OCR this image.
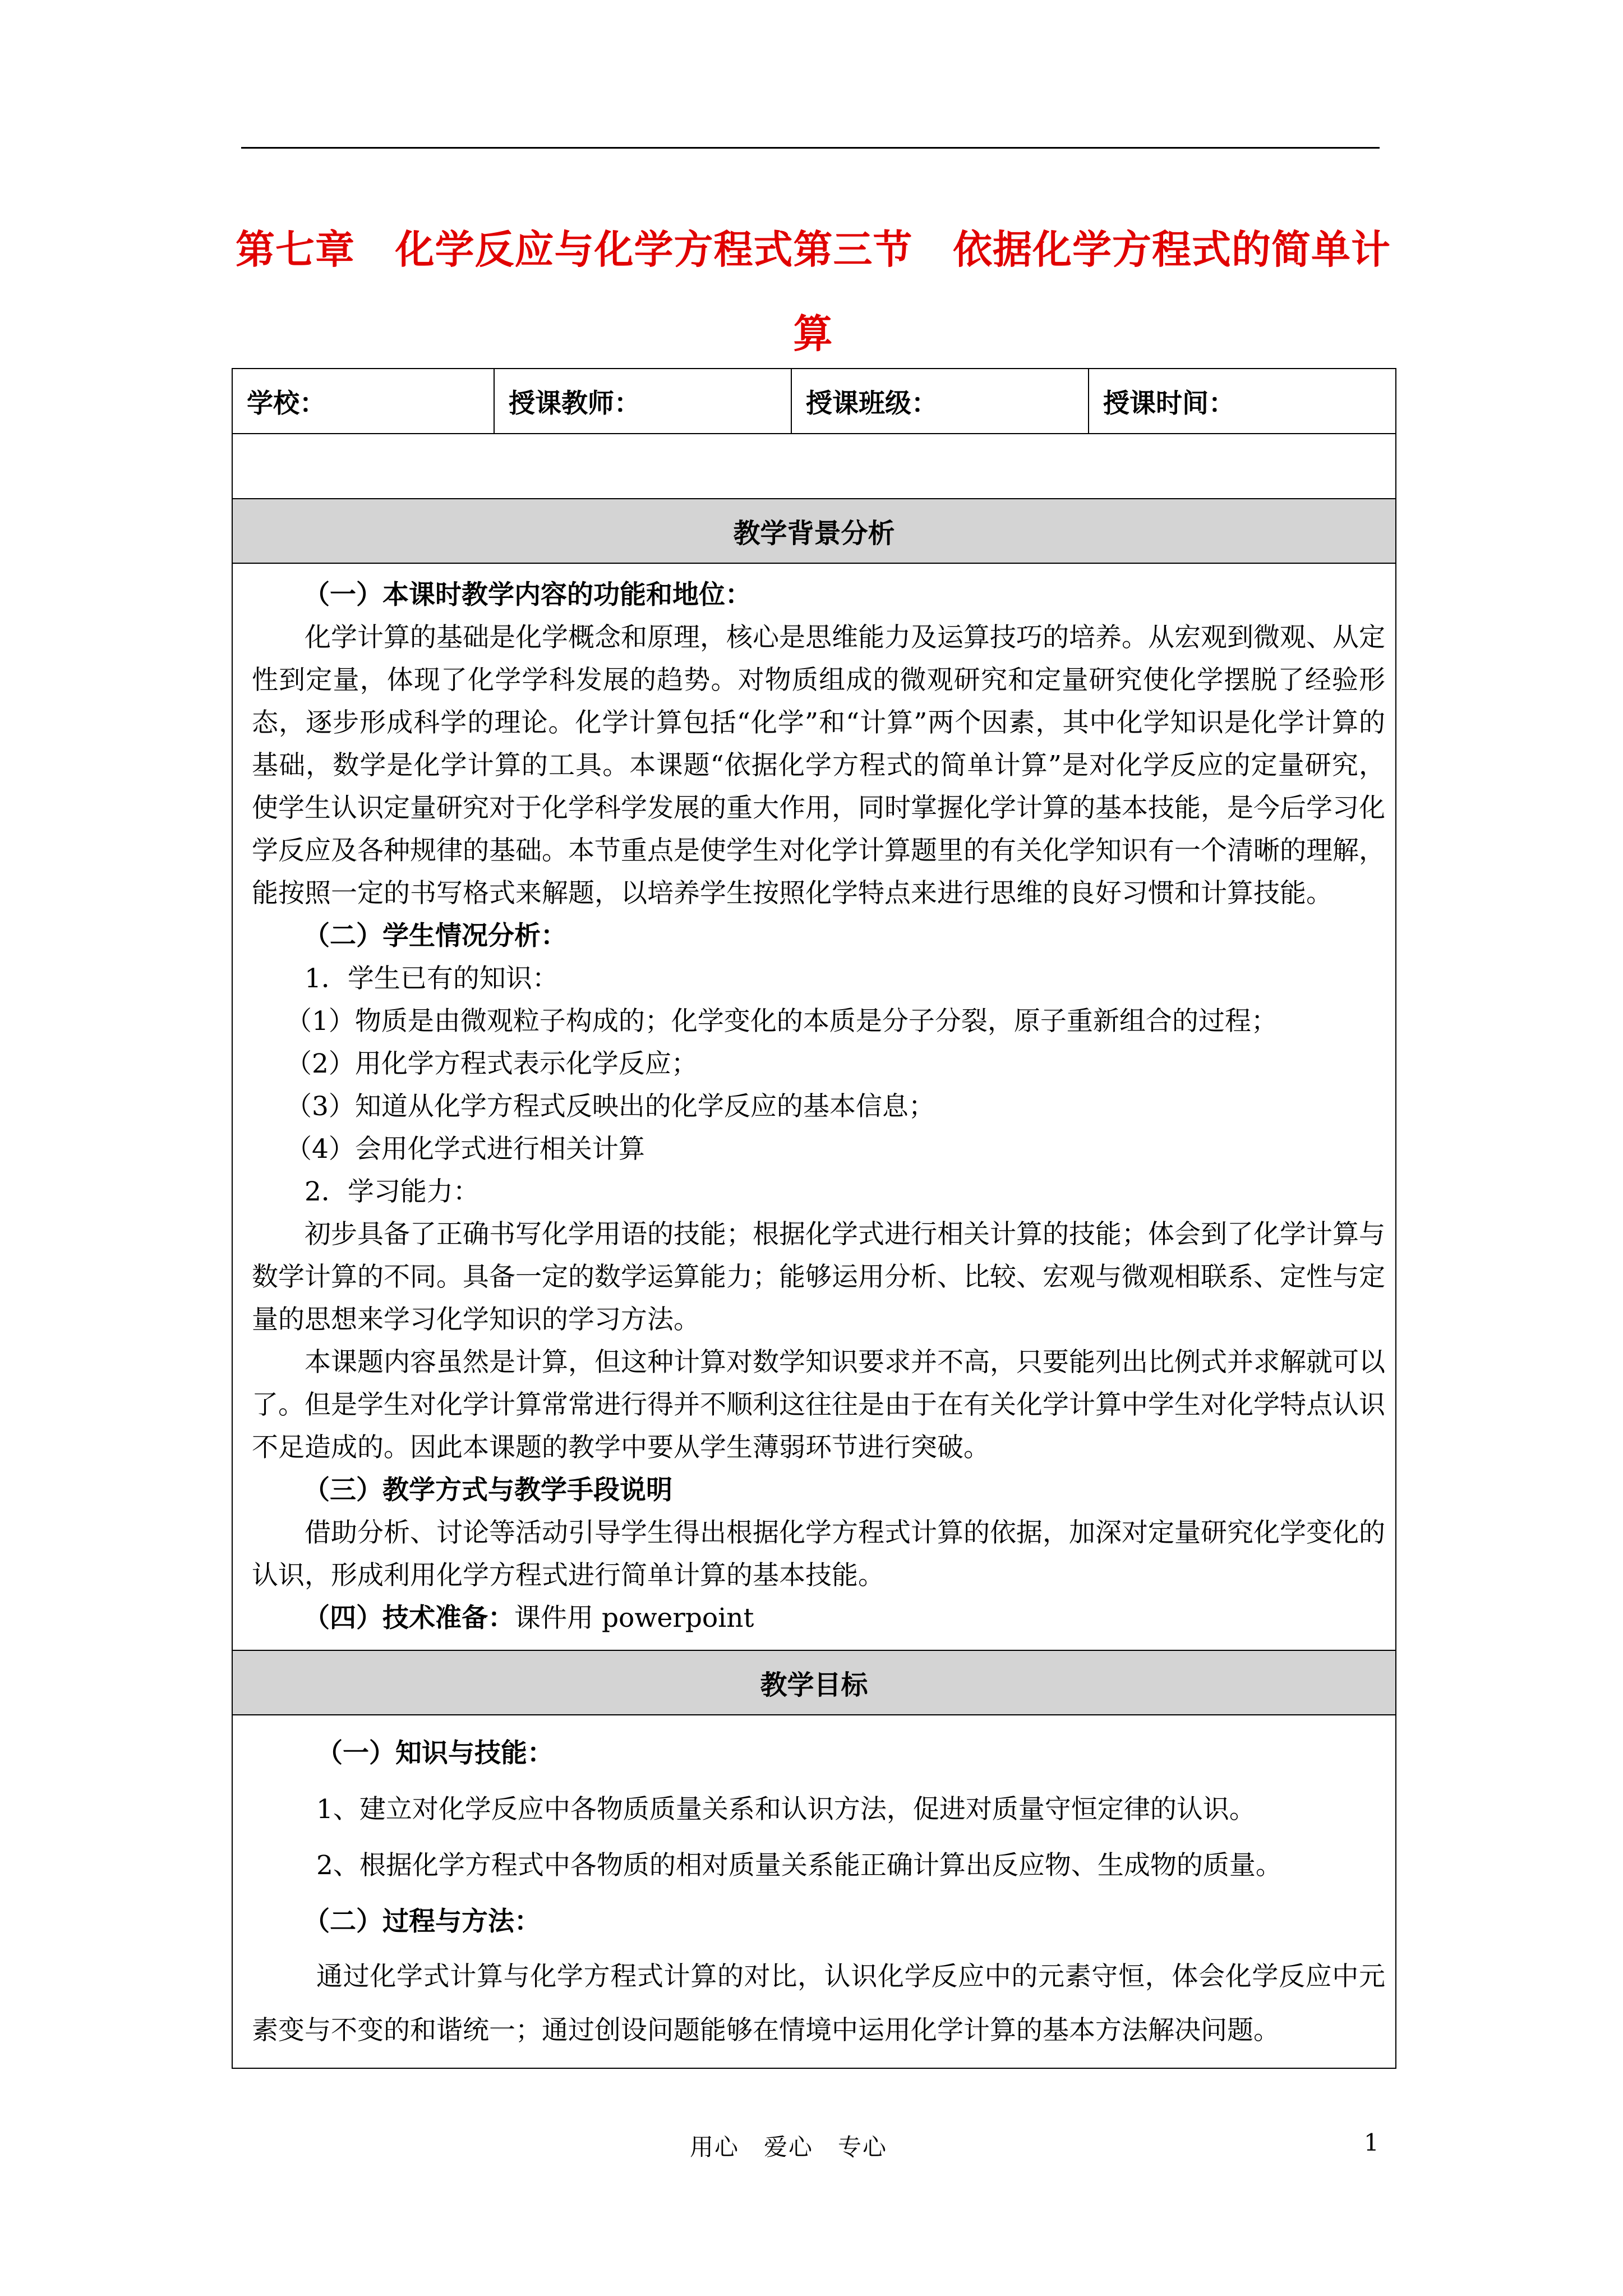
第七章 化学反应与化学方程式第三节 依据化学方程式的简单计
算
学校：	授课教师：	授课班级：	授课时间：

教学背景分析

（一）本课时教学内容的功能和地位：

化学计算的基础是化学概念和原理，核心是思维能力及运算技巧的培养。从宏观到微观、从定性到定量，体现了化学学科发展的趋势。对物质组成的微观研究和定量研究使化学摆脱了经验形态，逐步形成科学的理论。化学计算包括“化学”和“计算”两个因素，其中化学知识是化学计算的基础，数学是化学计算的工具。本课题“依据化学方程式的简单计算”是对化学反应的定量研究，使学生认识定量研究对于化学科学发展的重大作用，同时掌握化学计算的基本技能，是今后学习化学反应及各种规律的基础。本节重点是使学生对化学计算题里的有关化学知识有一个清晰的理解，能按照一定的书写格式来解题，以培养学生按照化学特点来进行思维的良好习惯和计算技能。

（二）学生情况分析：

1．学生已有的知识：

（1）物质是由微观粒子构成的；化学变化的本质是分子分裂，原子重新组合的过程；

（2）用化学方程式表示化学反应；

（3）知道从化学方程式反映出的化学反应的基本信息；

（4）会用化学式进行相关计算

2．学习能力：

初步具备了正确书写化学用语的技能；根据化学式进行相关计算的技能；体会到了化学计算与数学计算的不同。具备一定的数学运算能力；能够运用分析、比较、宏观与微观相联系、定性与定量的思想来学习化学知识的学习方法。

本课题内容虽然是计算，但这种计算对数学知识要求并不高，只要能列出比例式并求解就可以了。但是学生对化学计算常常进行得并不顺利这往往是由于在有关化学计算中学生对化学特点认识不足造成的。因此本课题的教学中要从学生薄弱环节进行突破。

（三）教学方式与教学手段说明

借助分析、讨论等活动引导学生得出根据化学方程式计算的依据，加深对定量研究化学变化的认识，形成利用化学方程式进行简单计算的基本技能。

（四）技术准备：课件用 powerpoint

教学目标

（一）知识与技能：

1、建立对化学反应中各物质质量关系和认识方法，促进对质量守恒定律的认识。

2、根据化学方程式中各物质的相对质量关系能正确计算出反应物、生成物的质量。

（二）过程与方法：

通过化学式计算与化学方程式计算的对比，认识化学反应中的元素守恒，体会化学反应中元素变与不变的和谐统一；通过创设问题能够在情境中运用化学计算的基本方法解决问题。

用心　爱心　专心	1
